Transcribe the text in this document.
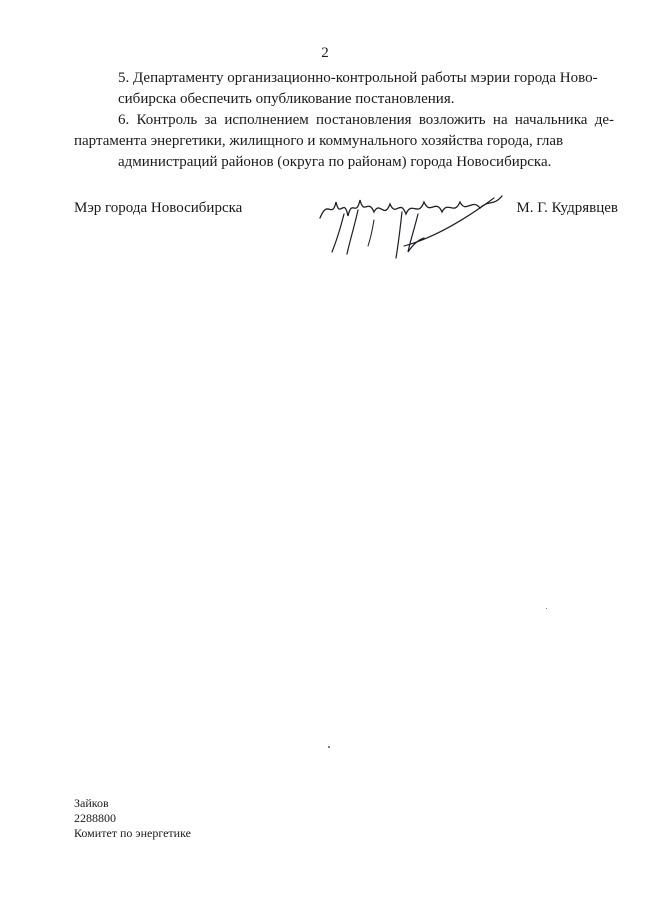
2

5. Департаменту организационно-контрольной работы мэрии города Ново-
сибирска обеспечить опубликование постановления.

6. Контроль за исполнением постановления возложить на начальника де- партамента энергетики, жилищного и коммунального хозяйства города, глав
администраций районов (округа по районам) города Новосибирска.

Мэр города Новосибирска	М. Г. Кудрявцев
Зайков
2288800
Комитет по энергетике
